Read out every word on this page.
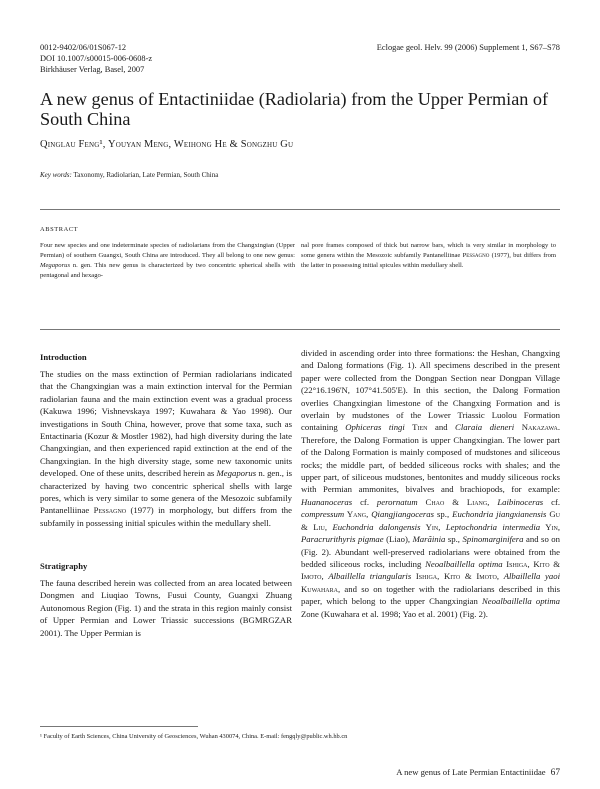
0012-9402/06/01S067-12
DOI 10.1007/s00015-006-0608-z
Birkhäuser Verlag, Basel, 2007
Eclogae geol. Helv. 99 (2006) Supplement 1, S67–S78
A new genus of Entactiniidae (Radiolaria) from the Upper Permian of South China
Qinglau Feng¹, Youyan Meng, Weihong He & Songzhu Gu
Key words: Taxonomy, Radiolarian, Late Permian, South China
ABSTRACT
Four new species and one indeterminate species of radiolarians from the Changxingian (Upper Permian) of southern Guangxi, South China are introduced. They all belong to one new genus: Megaporus n. gen. This new genus is characterized by two concentric spherical shells with pentagonal and hexago-
nal pore frames composed of thick but narrow bars, which is very similar in morphology to some genera within the Mesozoic subfamily Pantanelliinae Pessagno (1977), but differs from the latter in possessing initial spicules within medullary shell.
Introduction
The studies on the mass extinction of Permian radiolarians indicated that the Changxingian was a main extinction interval for the Permian radiolarian fauna and the main extinction event was a gradual process (Kakuwa 1996; Vishnevskaya 1997; Kuwahara & Yao 1998). Our investigations in South China, however, prove that some taxa, such as Entactinaria (Kozur & Mostler 1982), had high diversity during the late Changxingian, and then experienced rapid extinction at the end of the Changxingian. In the high diversity stage, some new taxonomic units developed. One of these units, described herein as Megaporus n. gen., is characterized by having two concentric spherical shells with large pores, which is very similar to some genera of the Mesozoic subfamily Pantanelliinae Pessagno (1977) in morphology, but differs from the subfamily in possessing initial spicules within the medullary shell.
Stratigraphy
The fauna described herein was collected from an area located between Dongmen and Liuqiao Towns, Fusui County, Guangxi Zhuang Autonomous Region (Fig. 1) and the strata in this region mainly consist of Upper Permian and Lower Triassic successions (BGMRGZAR 2001). The Upper Permian is
divided in ascending order into three formations: the Heshan, Changxing and Dalong formations (Fig. 1). All specimens described in the present paper were collected from the Dongpan Section near Dongpan Village (22°16.196'N, 107°41.505'E). In this section, the Dalong Formation overlies Changxingian limestone of the Changxing Formation and is overlain by mudstones of the Lower Triassic Luolou Formation containing Ophiceras tingi Tien and Claraia dieneri Nakazawa. Therefore, the Dalong Formation is upper Changxingian. The lower part of the Dalong Formation is mainly composed of mudstones and siliceous rocks; the middle part, of bedded siliceous rocks with shales; and the upper part, of siliceous mudstones, bentonites and muddy siliceous rocks with Permian ammonites, bivalves and brachiopods, for example: Huananoceras cf. perornatum Chao & Liang, Laibinoceras cf. compressum Yang, Qiangjiangoceras sp., Euchondria jiangxianensis Gu & Liu, Euchondria dalongensis Yin, Leptochondria intermedia Yin, Paracrurithyris pigmae (Liao), Marãinia sp., Spinomarginifera and so on (Fig. 2). Abundant well-preserved radiolarians were obtained from the bedded siliceous rocks, including Neoalbaillella optima Ishiga, Kito & Imoto, Albaillella triangularis Ishiga, Kito & Imoto, Albaillella yaoi Kuwahara, and so on together with the radiolarians described in this paper, which belong to the upper Changxingian Neoalbaillella optima Zone (Kuwahara et al. 1998; Yao et al. 2001) (Fig. 2).
¹ Faculty of Earth Sciences, China University of Geosciences, Wuhan 430074, China. E-mail: fengqly@public.wh.hb.cn
A new genus of Late Permian Entactiniidae 67
